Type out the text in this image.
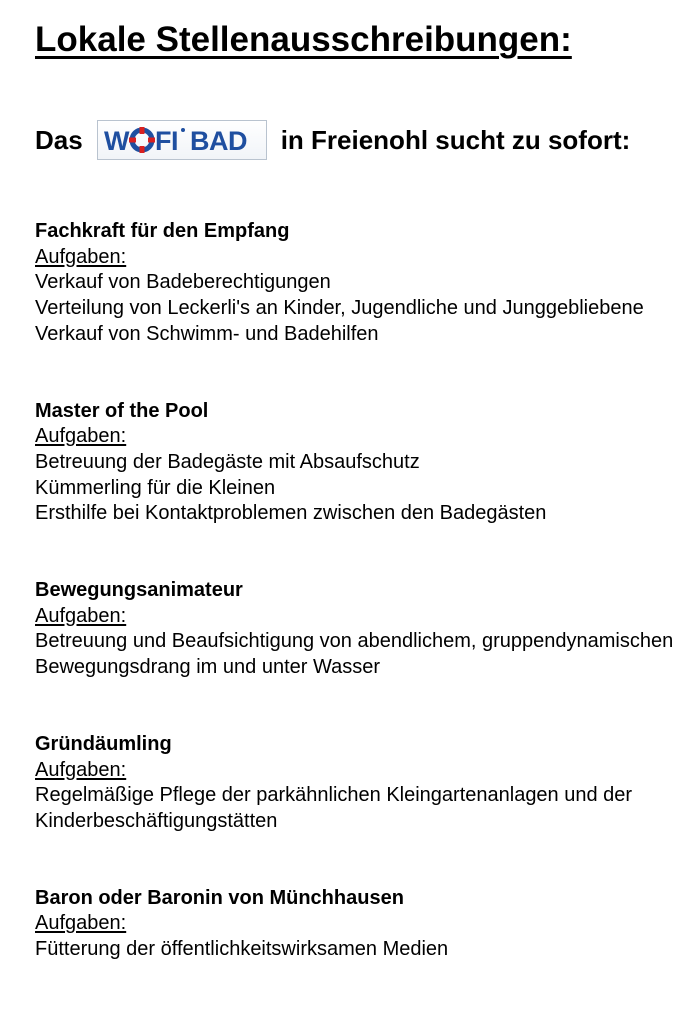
Lokale Stellenausschreibungen:
Das W FI BAD in Freienohl sucht zu sofort:
Fachkraft für den Empfang
Aufgaben:
Verkauf von Badeberechtigungen
Verteilung von Leckerli's an Kinder, Jugendliche und Junggebliebene
Verkauf von Schwimm- und Badehilfen
Master of the Pool
Aufgaben:
Betreuung der Badegäste mit Absaufschutz
Kümmerling für die Kleinen
Ersthilfe bei Kontaktproblemen zwischen den Badegästen
Bewegungsanimateur
Aufgaben:
Betreuung und Beaufsichtigung von abendlichem, gruppendynamischen Bewegungsdrang im und unter Wasser
Gründäumling
Aufgaben:
Regelmäßige Pflege der parkähnlichen Kleingartenanlagen und der Kinderbeschäftigungstätten
Baron oder Baronin von Münchhausen
Aufgaben:
Fütterung der öffentlichkeitswirksamen Medien
